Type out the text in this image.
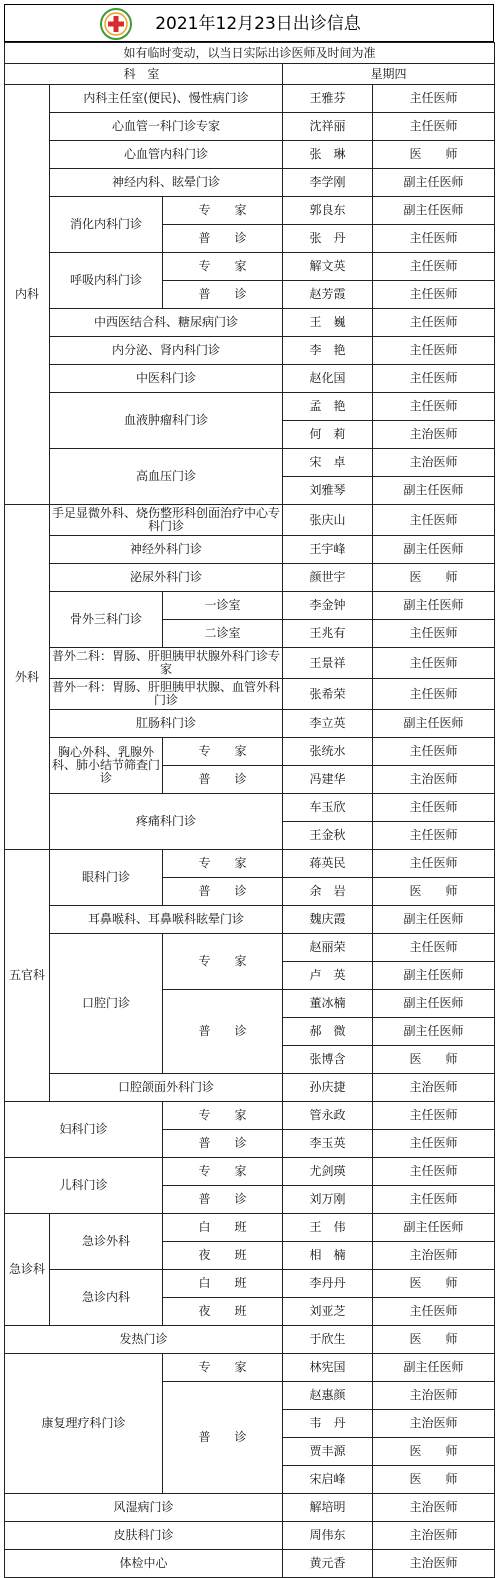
2021年12月23日出诊信息
如有临时变动，以当日实际出诊医师及时间为准				
科 室			星期四	
内科	内科主任室(便民)、慢性病门诊		王雅芬	主任医师
	心血管一科门诊专家		沈祥丽	主任医师
	心血管内科门诊		张　琳	医　　师
	神经内科、眩晕门诊		李学刚	副主任医师
	消化内科门诊	专　　家	郭良东	副主任医师
		普　　诊	张　丹	主任医师
	呼吸内科门诊	专　　家	解文英	主任医师
		普　　诊	赵芳霞	主任医师
	中西医结合科、糖尿病门诊		王　巍	主任医师
	内分泌、肾内科门诊		李　艳	主任医师
	中医科门诊		赵化国	主任医师
	血液肿瘤科门诊		孟　艳	主任医师
			何　莉	主治医师
	高血压门诊		宋　卓	主治医师
			刘雅琴	副主任医师
外科	手足显微外科、烧伤整形科创面治疗中心专科门诊		张庆山	主任医师
	神经外科门诊		王宇峰	副主任医师
	泌尿外科门诊		颜世宇	医　　师
	骨外三科门诊	一诊室	李金钟	副主任医师
		二诊室	王兆有	主任医师
	普外二科：胃肠、肝胆胰甲状腺外科门诊专家		王景祥	主任医师
	普外一科：胃肠、肝胆胰甲状腺、血管外科门诊		张希荣	主任医师
	肛肠科门诊		李立英	副主任医师
	胸心外科、乳腺外科、肺小结节筛查门诊	专　　家	张统水	主任医师
		普　　诊	冯建华	主治医师
	疼痛科门诊		车玉欣	主任医师
			王金秋	主任医师
五官科	眼科门诊	专　　家	蒋英民	主任医师
		普　　诊	余　岩	医　　师
	耳鼻喉科、耳鼻喉科眩晕门诊		魏庆霞	副主任医师
	口腔门诊	专　　家	赵丽荣	主任医师
			卢　英	副主任医师
		普　　诊	董冰楠	副主任医师
			郝　微	副主任医师
			张博含	医　　师
	口腔颌面外科门诊		孙庆捷	主治医师
妇科门诊		专　　家	管永政	主任医师
		普　　诊	李玉英	主任医师
儿科门诊		专　　家	尤剑瑛	主任医师
		普　　诊	刘万刚	主任医师
急诊科	急诊外科	白　　班	王　伟	副主任医师
		夜　　班	相　楠	主治医师
	急诊内科	白　　班	李丹丹	医　　师
		夜　　班	刘亚芝	主任医师
发热门诊			于欣生	医　　师
康复理疗科门诊		专　　家	林宪国	副主任医师
		普　　诊	赵惠颜	主治医师
			韦　丹	主治医师
			贾丰源	医　　师
			宋启峰	医　　师
风湿病门诊			解培明	主治医师
皮肤科门诊			周伟东	主治医师
体检中心			黄元香	主治医师
